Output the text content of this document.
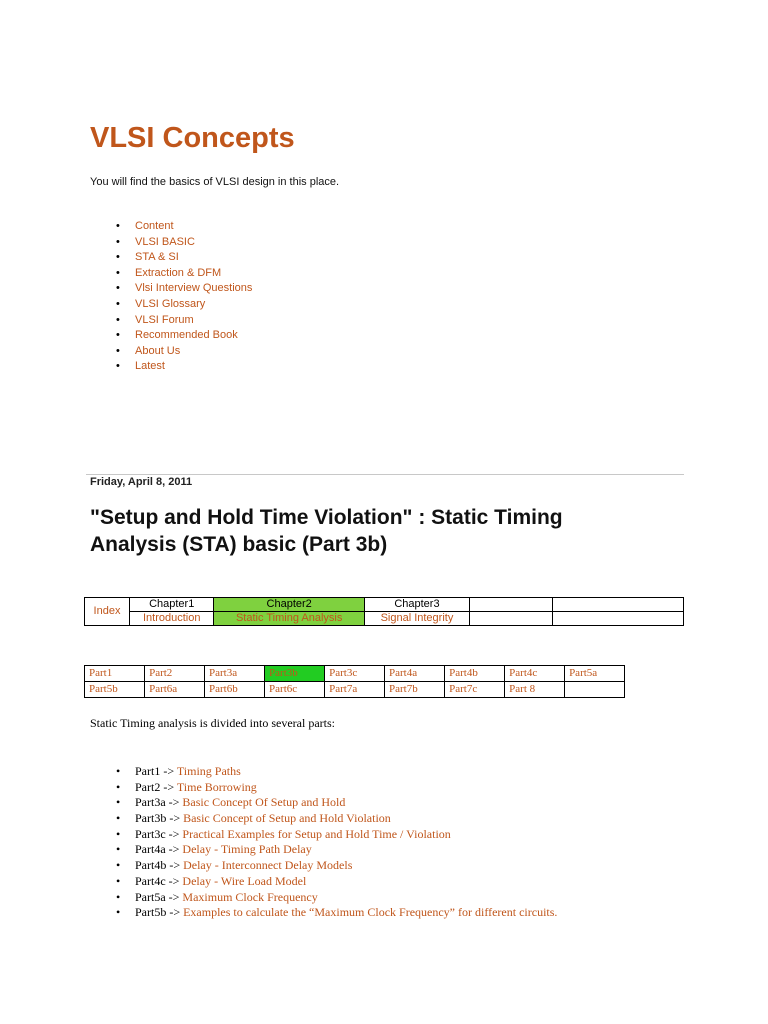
VLSI Concepts
You will find the basics of VLSI design in this place.
• Content
• VLSI BASIC
• STA & SI
• Extraction & DFM
• Vlsi Interview Questions
• VLSI Glossary
• VLSI Forum
• Recommended Book
• About Us
• Latest
Friday, April 8, 2011
"Setup and Hold Time Violation" : Static Timing Analysis (STA) basic (Part 3b)
Index	Chapter1	Chapter2	Chapter3		
	Introduction	Static Timing Analysis	Signal Integrity		
Part1	Part2	Part3a	Part3b	Part3c	Part4a	Part4b	Part4c	Part5a
Part5b	Part6a	Part6b	Part6c	Part7a	Part7b	Part7c	Part 8	
Static Timing analysis is divided into several parts:
• Part1 -> Timing Paths
• Part2 -> Time Borrowing
• Part3a -> Basic Concept Of Setup and Hold
• Part3b -> Basic Concept of Setup and Hold Violation
• Part3c -> Practical Examples for Setup and Hold Time / Violation
• Part4a -> Delay - Timing Path Delay
• Part4b -> Delay - Interconnect Delay Models
• Part4c -> Delay - Wire Load Model
• Part5a -> Maximum Clock Frequency
• Part5b -> Examples to calculate the “Maximum Clock Frequency” for different circuits.
